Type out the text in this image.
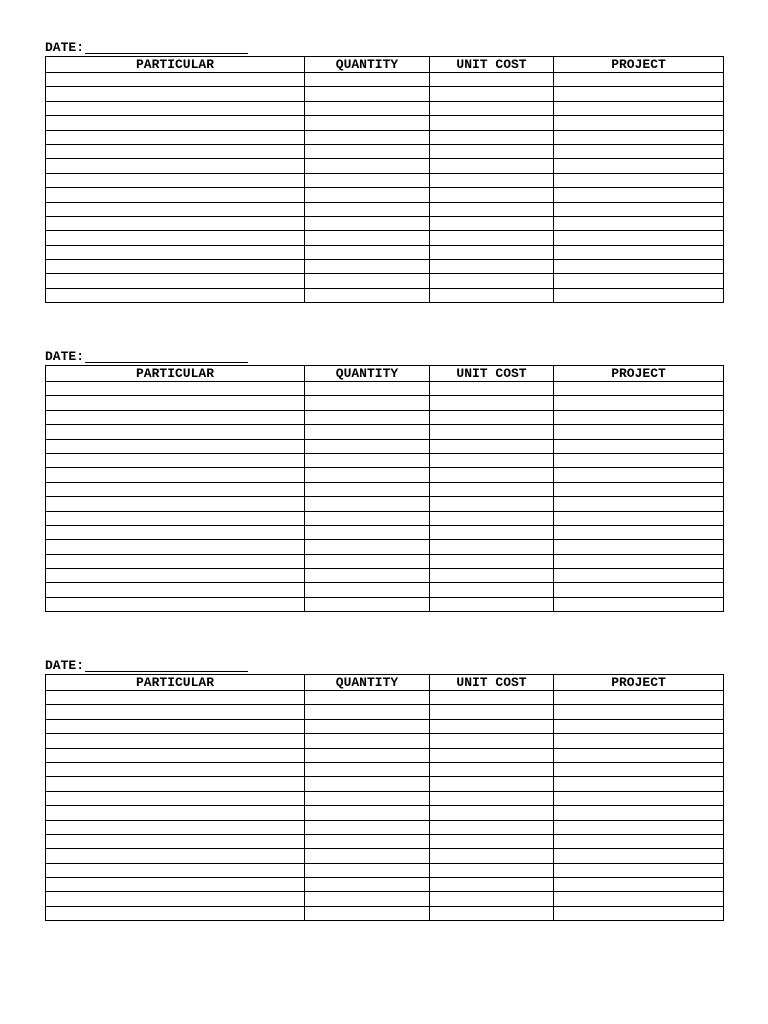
DATE:
PARTICULAR	QUANTITY	UNIT COST	PROJECT

DATE:
PARTICULAR	QUANTITY	UNIT COST	PROJECT

DATE:
PARTICULAR	QUANTITY	UNIT COST	PROJECT
